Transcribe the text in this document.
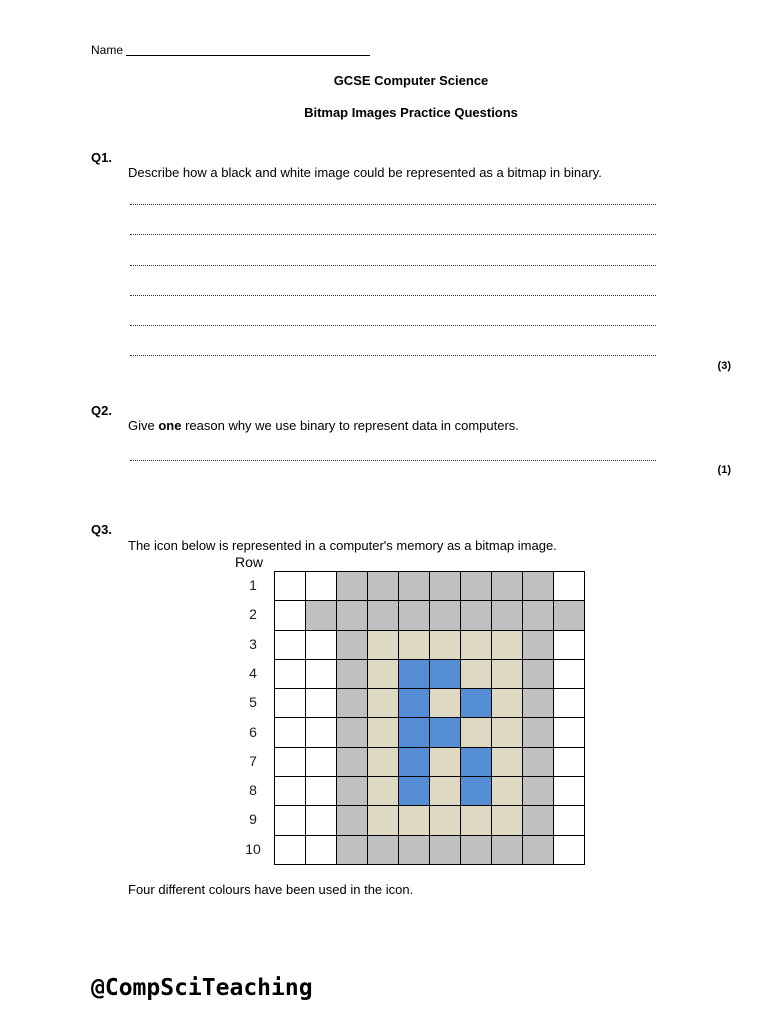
Name
GCSE Computer Science
Bitmap Images Practice Questions
Q1.
Describe how a black and white image could be represented as a bitmap in binary.
(3)
Q2.
Give one reason why we use binary to represent data in computers.
(1)
Q3.
The icon below is represented in a computer's memory as a bitmap image.
Row
1
2
3
4
5
6
7
8
9
10
Four different colours have been used in the icon.
@CompSciTeaching
